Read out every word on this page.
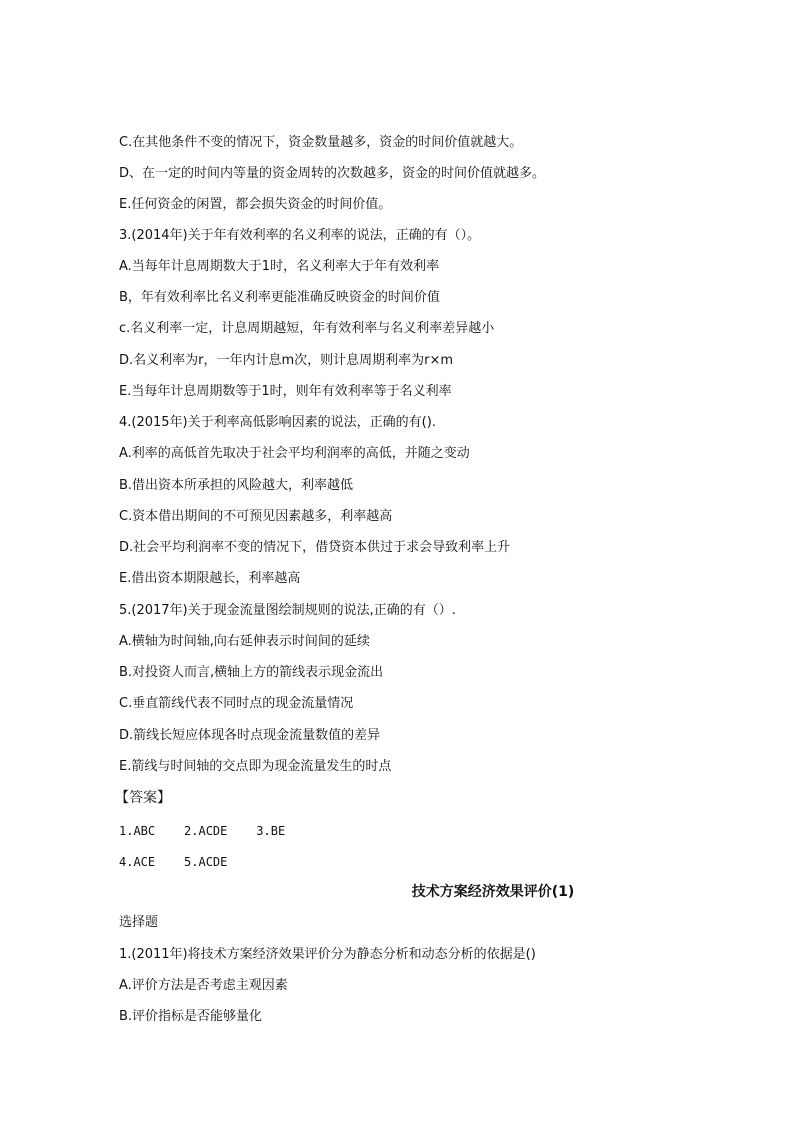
C.在其他条件不变的情况下，资金数量越多，资金的时间价值就越大。
D、在一定的时间内等量的资金周转的次数越多，资金的时间价值就越多。
E.任何资金的闲置，都会损失资金的时间价值。
3.(2014年)关于年有效利率的名义利率的说法，正确的有（）。
A.当每年计息周期数大于1时，名义利率大于年有效利率
B，年有效利率比名义利率更能准确反映资金的时间价值
c.名义利率一定，计息周期越短，年有效利率与名义利率差异越小
D.名义利率为r，一年内计息m次，则计息周期利率为r×m
E.当每年计息周期数等于1时，则年有效利率等于名义利率
4.(2015年)关于利率高低影响因素的说法，正确的有().
A.利率的高低首先取决于社会平均利润率的高低，并随之变动
B.借出资本所承担的风险越大，利率越低
C.资本借出期间的不可预见因素越多，利率越高
D.社会平均利润率不变的情况下，借贷资本供过于求会导致利率上升
E.借出资本期限越长，利率越高
5.(2017年)关于现金流量图绘制规则的说法,正确的有（）.
A.横轴为时间轴,向右延伸表示时间间的延续
B.对投资人而言,横轴上方的箭线表示现金流出
C.垂直箭线代表不同时点的现金流量情况
D.箭线长短应体现各时点现金流量数值的差异
E.箭线与时间轴的交点即为现金流量发生的时点
【答案】
1.ABC    2.ACDE    3.BE
4.ACE    5.ACDE
技术方案经济效果评价(1)
选择题
1.(2011年)将技术方案经济效果评价分为静态分析和动态分析的依据是()
A.评价方法是否考虑主观因素
B.评价指标是否能够量化
